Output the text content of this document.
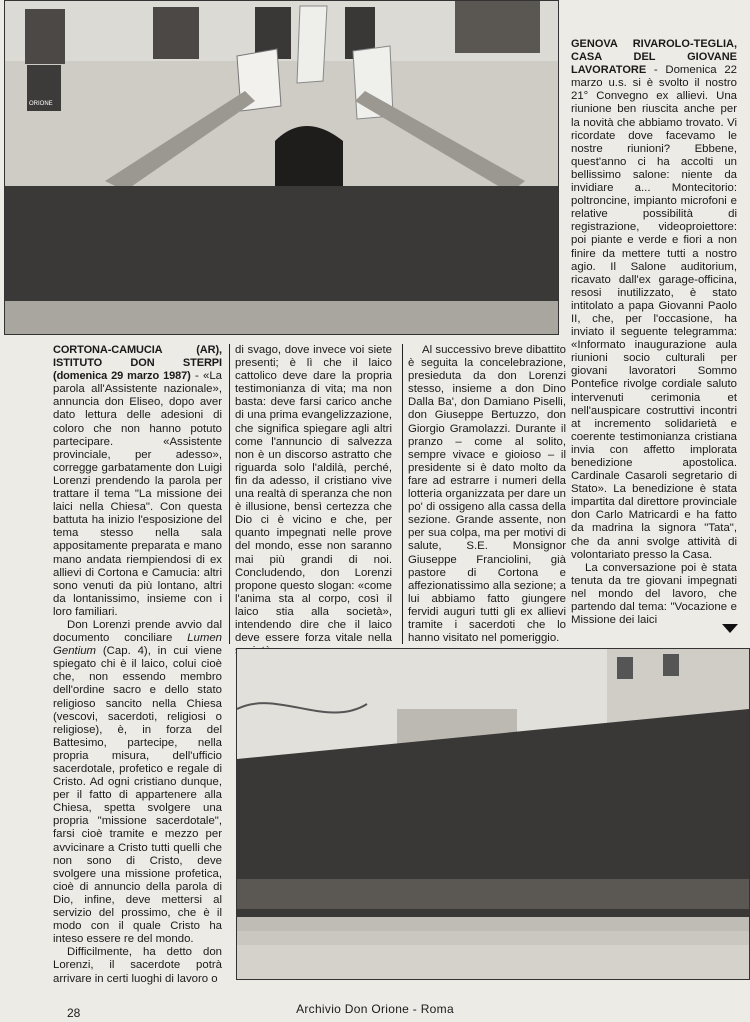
ORIONE

CORTONA-CAMUCIA (AR), ISTITUTO DON STERPI (domenica 29 marzo 1987) - «La parola all'Assistente nazionale», annuncia don Eliseo, dopo aver dato lettura delle adesioni di coloro che non hanno potuto partecipare. «Assistente provinciale, per adesso», corregge garbatamente don Luigi Lorenzi prendendo la parola per trattare il tema "La missione dei laici nella Chiesa". Con questa battuta ha inizio l'esposizione del tema stesso nella sala appositamente preparata e mano mano andata riempiendosi di ex allievi di Cortona e Camucia: altri sono venuti da più lontano, altri da lontanissimo, insieme con i loro familiari.

Don Lorenzi prende avvio dal documento conciliare Lumen Gentium (Cap. 4), in cui viene spiegato chi è il laico, colui cioè che, non essendo membro dell'ordine sacro e dello stato religioso sancito nella Chiesa (vescovi, sacerdoti, religiosi o religiose), è, in forza del Battesimo, partecipe, nella propria misura, dell'ufficio sacerdotale, profetico e regale di Cristo. Ad ogni cristiano dunque, per il fatto di appartenere alla Chiesa, spetta svolgere una propria "missione sacerdotale", farsi cioè tramite e mezzo per avvicinare a Cristo tutti quelli che non sono di Cristo, deve svolgere una missione profetica, cioè di annuncio della parola di Dio, infine, deve mettersi al servizio del prossimo, che è il modo con il quale Cristo ha inteso essere re del mondo.

Difficilmente, ha detto don Lorenzi, il sacerdote potrà arrivare in certi luoghi di lavoro o

di svago, dove invece voi siete presenti; è lì che il laico cattolico deve dare la propria testimonianza di vita; ma non basta: deve farsi carico anche di una prima evangelizzazione, che significa spiegare agli altri come l'annuncio di salvezza non è un discorso astratto che riguarda solo l'aldilà, perché, fin da adesso, il cristiano vive una realtà di speranza che non è illusione, bensì certezza che Dio ci è vicino e che, per quanto impegnati nelle prove del mondo, esse non saranno mai più grandi di noi. Concludendo, don Lorenzi propone questo slogan: «come l'anima sta al corpo, così il laico stia alla società», intendendo dire che il laico deve essere forza vitale nella

Al successivo breve dibattito è seguita la concelebrazione, presieduta da don Lorenzi stesso, insieme a don Dino Dalla Ba', don Damiano Piselli, don Giuseppe Bertuzzo, don Giorgio Gramolazzi. Durante il pranzo – come al solito, sempre vivace e gioioso – il presidente si è dato molto da fare ad estrarre i numeri della lotteria organizzata per dare un po' di ossigeno alla cassa della sezione. Grande assente, non per sua colpa, ma per motivi di salute, S.E. Monsignor Giuseppe Franciolini, già pastore di Cortona e affezionatissimo alla sezione; a lui abbiamo fatto giungere fervidi auguri tutti gli ex allievi tramite i sacerdoti che lo hanno visitato nel pomeriggio.

GENOVA RIVAROLO-TEGLIA, CASA DEL GIOVANE LAVORATORE - Domenica 22 marzo u.s. si è svolto il nostro 21° Convegno ex allievi. Una riunione ben riuscita anche per la novità che abbiamo trovato. Vi ricordate dove facevamo le nostre riunioni? Ebbene, quest'anno ci ha accolti un bellissimo salone: niente da invidiare a... Montecitorio: poltroncine, impianto microfoni e relative possibilità di registrazione, videoproiettore: poi piante e verde e fiori a non finire da mettere tutti a nostro agio. Il Salone auditorium, ricavato dall'ex garage-officina, resosi inutilizzato, è stato intitolato a papa Giovanni Paolo II, che, per l'occasione, ha inviato il seguente telegramma: «Informato inaugurazione aula riunioni socio culturali per giovani lavoratori Sommo Pontefice rivolge cordiale saluto intervenuti cerimonia et nell'auspicare costruttivi incontri at incremento solidarietà e coerente testimonianza cristiana invia con affetto implorata benedizione apostolica. Cardinale Casaroli segretario di Stato». La benedizione è stata impartita dal direttore provinciale don Carlo Matricardi e ha fatto da madrina la signora "Tata", che da anni svolge attività di volontariato presso la Casa.

La conversazione poi è stata tenuta da tre giovani impegnati nel mondo del lavoro, che partendo dal tema: "Vocazione e Missione dei laici

28	Archivio Don Orione - Roma
